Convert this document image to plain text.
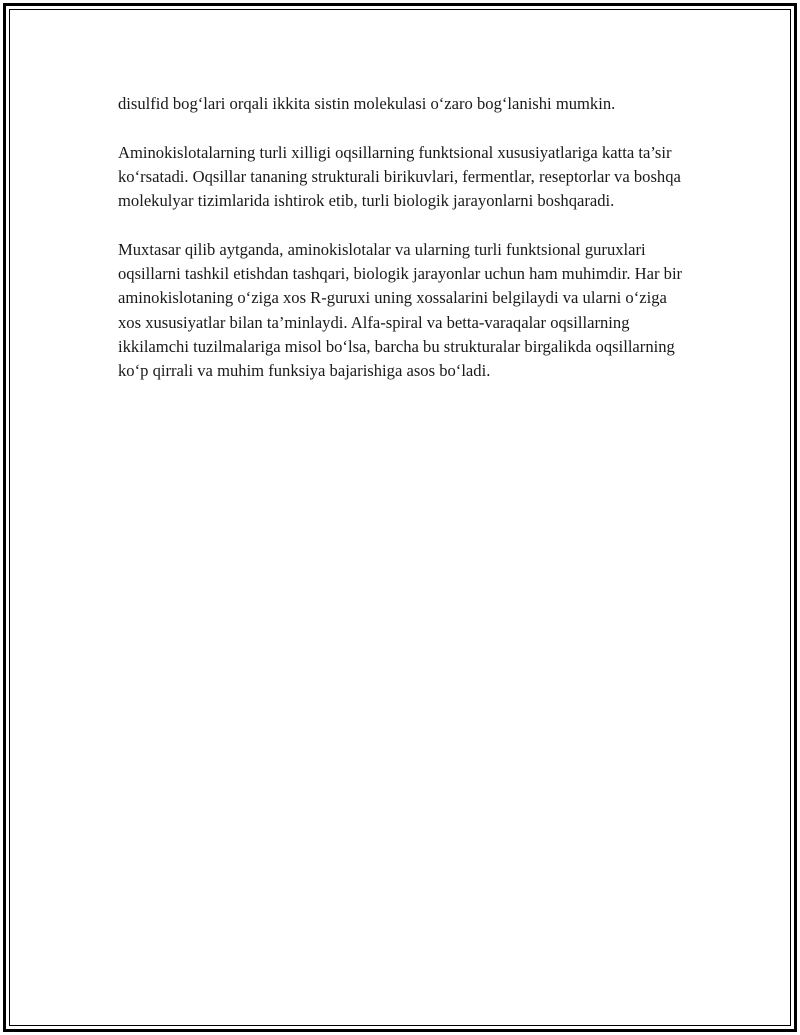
disulfid bog‘lari orqali ikkita sistin molekulasi o‘zaro bog‘lanishi mumkin.

Aminokislotalarning turli xilligi oqsillarning funktsional xususiyatlariga katta ta’sir ko‘rsatadi. Oqsillar tananing strukturali birikuvlari, fermentlar, reseptorlar va boshqa molekulyar tizimlarida ishtirok etib, turli biologik jarayonlarni boshqaradi.

Muxtasar qilib aytganda, aminokislotalar va ularning turli funktsional guruxlari oqsillarni tashkil etishdan tashqari, biologik jarayonlar uchun ham muhimdir. Har bir aminokislotaning o‘ziga xos R-guruxi uning xossalarini belgilaydi va ularni o‘ziga xos xususiyatlar bilan ta’minlaydi. Alfa-spiral va betta-varaqalar oqsillarning ikkilamchi tuzilmalariga misol bo‘lsa, barcha bu strukturalar birgalikda oqsillarning ko‘p qirrali va muhim funksiya bajarishiga asos bo‘ladi.
